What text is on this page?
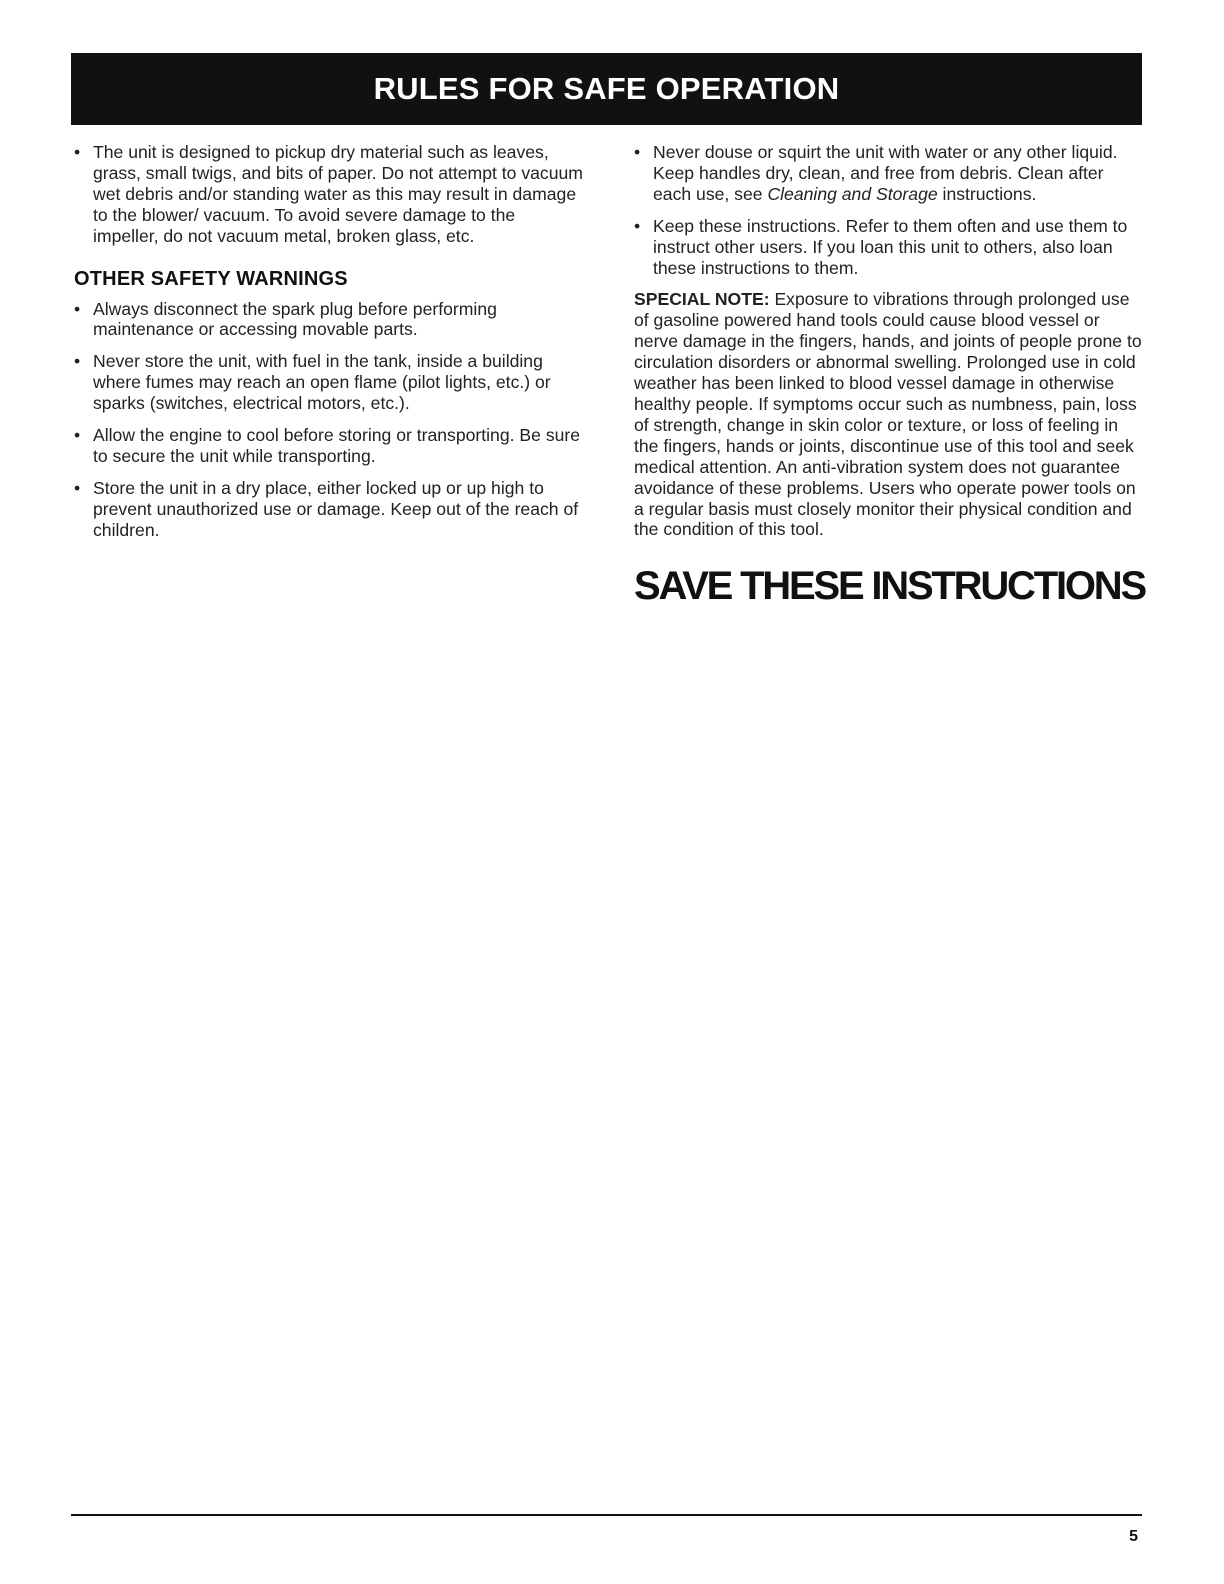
RULES FOR SAFE OPERATION
• The unit is designed to pickup dry material such as leaves, grass, small twigs, and bits of paper. Do not attempt to vacuum wet debris and/or standing water as this may result in damage to the blower/ vacuum. To avoid severe damage to the impeller, do not vacuum metal, broken glass, etc.
OTHER SAFETY WARNINGS
• Always disconnect the spark plug before performing maintenance or accessing movable parts.
• Never store the unit, with fuel in the tank, inside a building where fumes may reach an open flame (pilot lights, etc.) or sparks (switches, electrical motors, etc.).
• Allow the engine to cool before storing or transporting. Be sure to secure the unit while transporting.
• Store the unit in a dry place, either locked up or up high to prevent unauthorized use or damage. Keep out of the reach of children.
• Never douse or squirt the unit with water or any other liquid. Keep handles dry, clean, and free from debris. Clean after each use, see Cleaning and Storage instructions.
• Keep these instructions. Refer to them often and use them to instruct other users. If you loan this unit to others, also loan these instructions to them.

SPECIAL NOTE: Exposure to vibrations through prolonged use of gasoline powered hand tools could cause blood vessel or nerve damage in the fingers, hands, and joints of people prone to circulation disorders or abnormal swelling. Prolonged use in cold weather has been linked to blood vessel damage in otherwise healthy people. If symptoms occur such as numbness, pain, loss of strength, change in skin color or texture, or loss of feeling in the fingers, hands or joints, discontinue use of this tool and seek medical attention. An anti-vibration system does not guarantee avoidance of these problems. Users who operate power tools on a regular basis must closely monitor their physical condition and the condition of this tool.

SAVE THESE INSTRUCTIONS
5
